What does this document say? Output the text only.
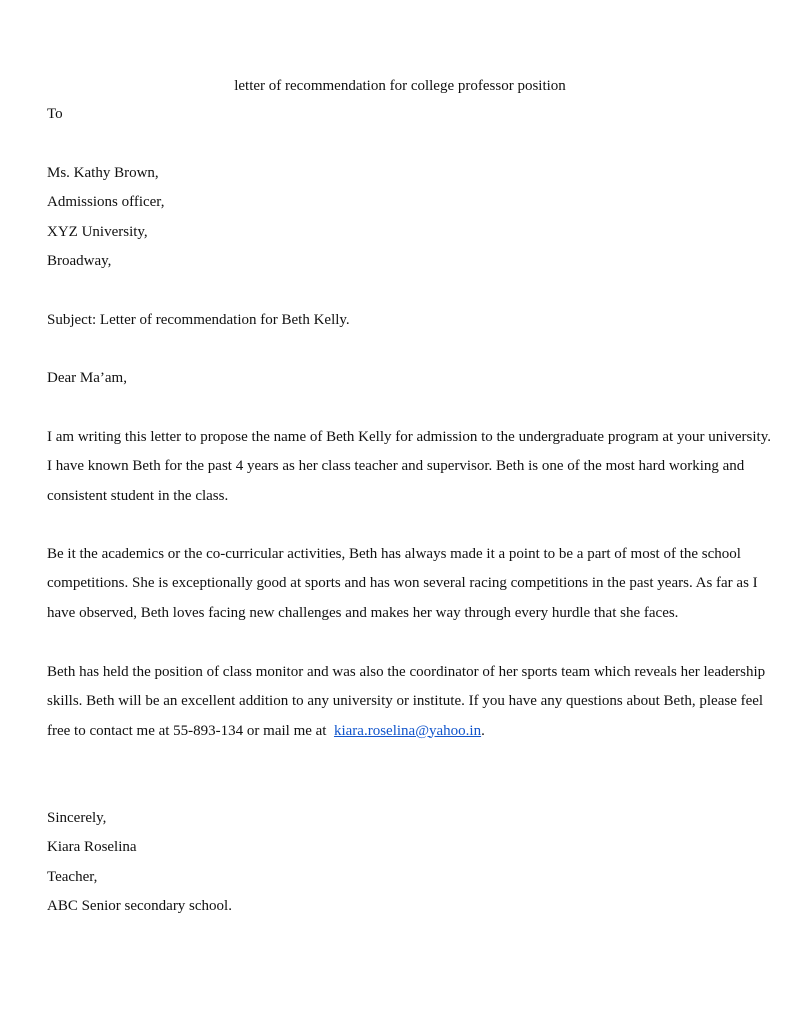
letter of recommendation for college professor position
To
Ms. Kathy Brown,
Admissions officer,
XYZ University,
Broadway,
Subject: Letter of recommendation for Beth Kelly.
Dear Ma’am,
I am writing this letter to propose the name of Beth Kelly for admission to the undergraduate program at your university.
I have known Beth for the past 4 years as her class teacher and supervisor. Beth is one of the most hard working and
consistent student in the class.
Be it the academics or the co-curricular activities, Beth has always made it a point to be a part of most of the school
competitions. She is exceptionally good at sports and has won several racing competitions in the past years. As far as I
have observed, Beth loves facing new challenges and makes her way through every hurdle that she faces.
Beth has held the position of class monitor and was also the coordinator of her sports team which reveals her leadership
skills. Beth will be an excellent addition to any university or institute. If you have any questions about Beth, please feel
free to contact me at 55-893-134 or mail me at kiara.roselina@yahoo.in.
Sincerely,
Kiara Roselina
Teacher,
ABC Senior secondary school.
